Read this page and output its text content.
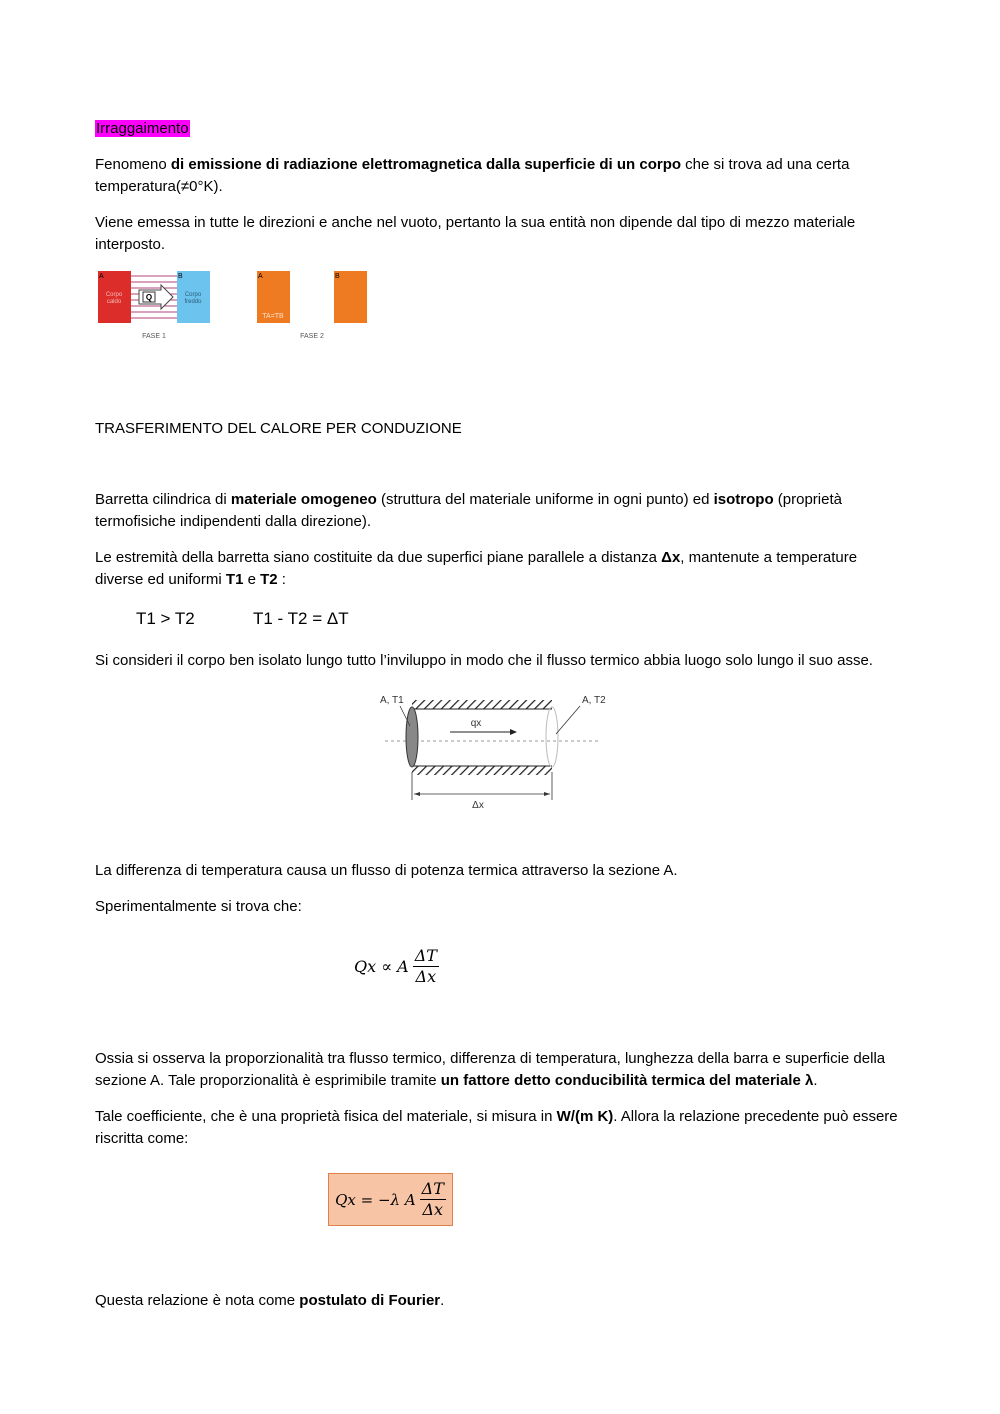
Irraggaimento

Fenomeno di emissione di radiazione elettromagnetica dalla superficie di un corpo che si trova ad una certa temperatura(≠0°K).

Viene emessa in tutte le direzioni e anche nel vuoto, pertanto la sua entità non dipende dal tipo di mezzo materiale interposto.

A	B
Corpo
caldo
Corpo
freddo
Q
FASE 1
A	B
TA=TB
FASE 2

TRASFERIMENTO DEL CALORE PER CONDUZIONE

Barretta cilindrica di materiale omogeneo (struttura del materiale uniforme in ogni punto) ed isotropo (proprietà termofisiche indipendenti dalla direzione).

Le estremità della barretta siano costituite da due superfici piane parallele a distanza Δx, mantenute a temperature diverse ed uniformi T1 e T2 :

T1 > T2	T1 - T2 = ΔT

Si consideri il corpo ben isolato lungo tutto l’inviluppo in modo che il flusso termico abbia luogo solo lungo il suo asse.

qx
A, T1	A, T2
Δx

La differenza di temperatura causa un flusso di potenza termica attraverso la sezione A.

Sperimentalmente si trova che:

Qx ∝ A $\frac{\Delta T}{\Delta x}$

Ossia si osserva la proporzionalità tra flusso termico, differenza di temperatura, lunghezza della barra e superficie della sezione A. Tale proporzionalità è esprimibile tramite un fattore detto conducibilità termica del materiale λ.

Tale coefficiente, che è una proprietà fisica del materiale, si misura in W/(m K). Allora la relazione precedente può essere riscritta come:

Qx = −λ A $\frac{\Delta T}{\Delta x}$

Questa relazione è nota come postulato di Fourier.
